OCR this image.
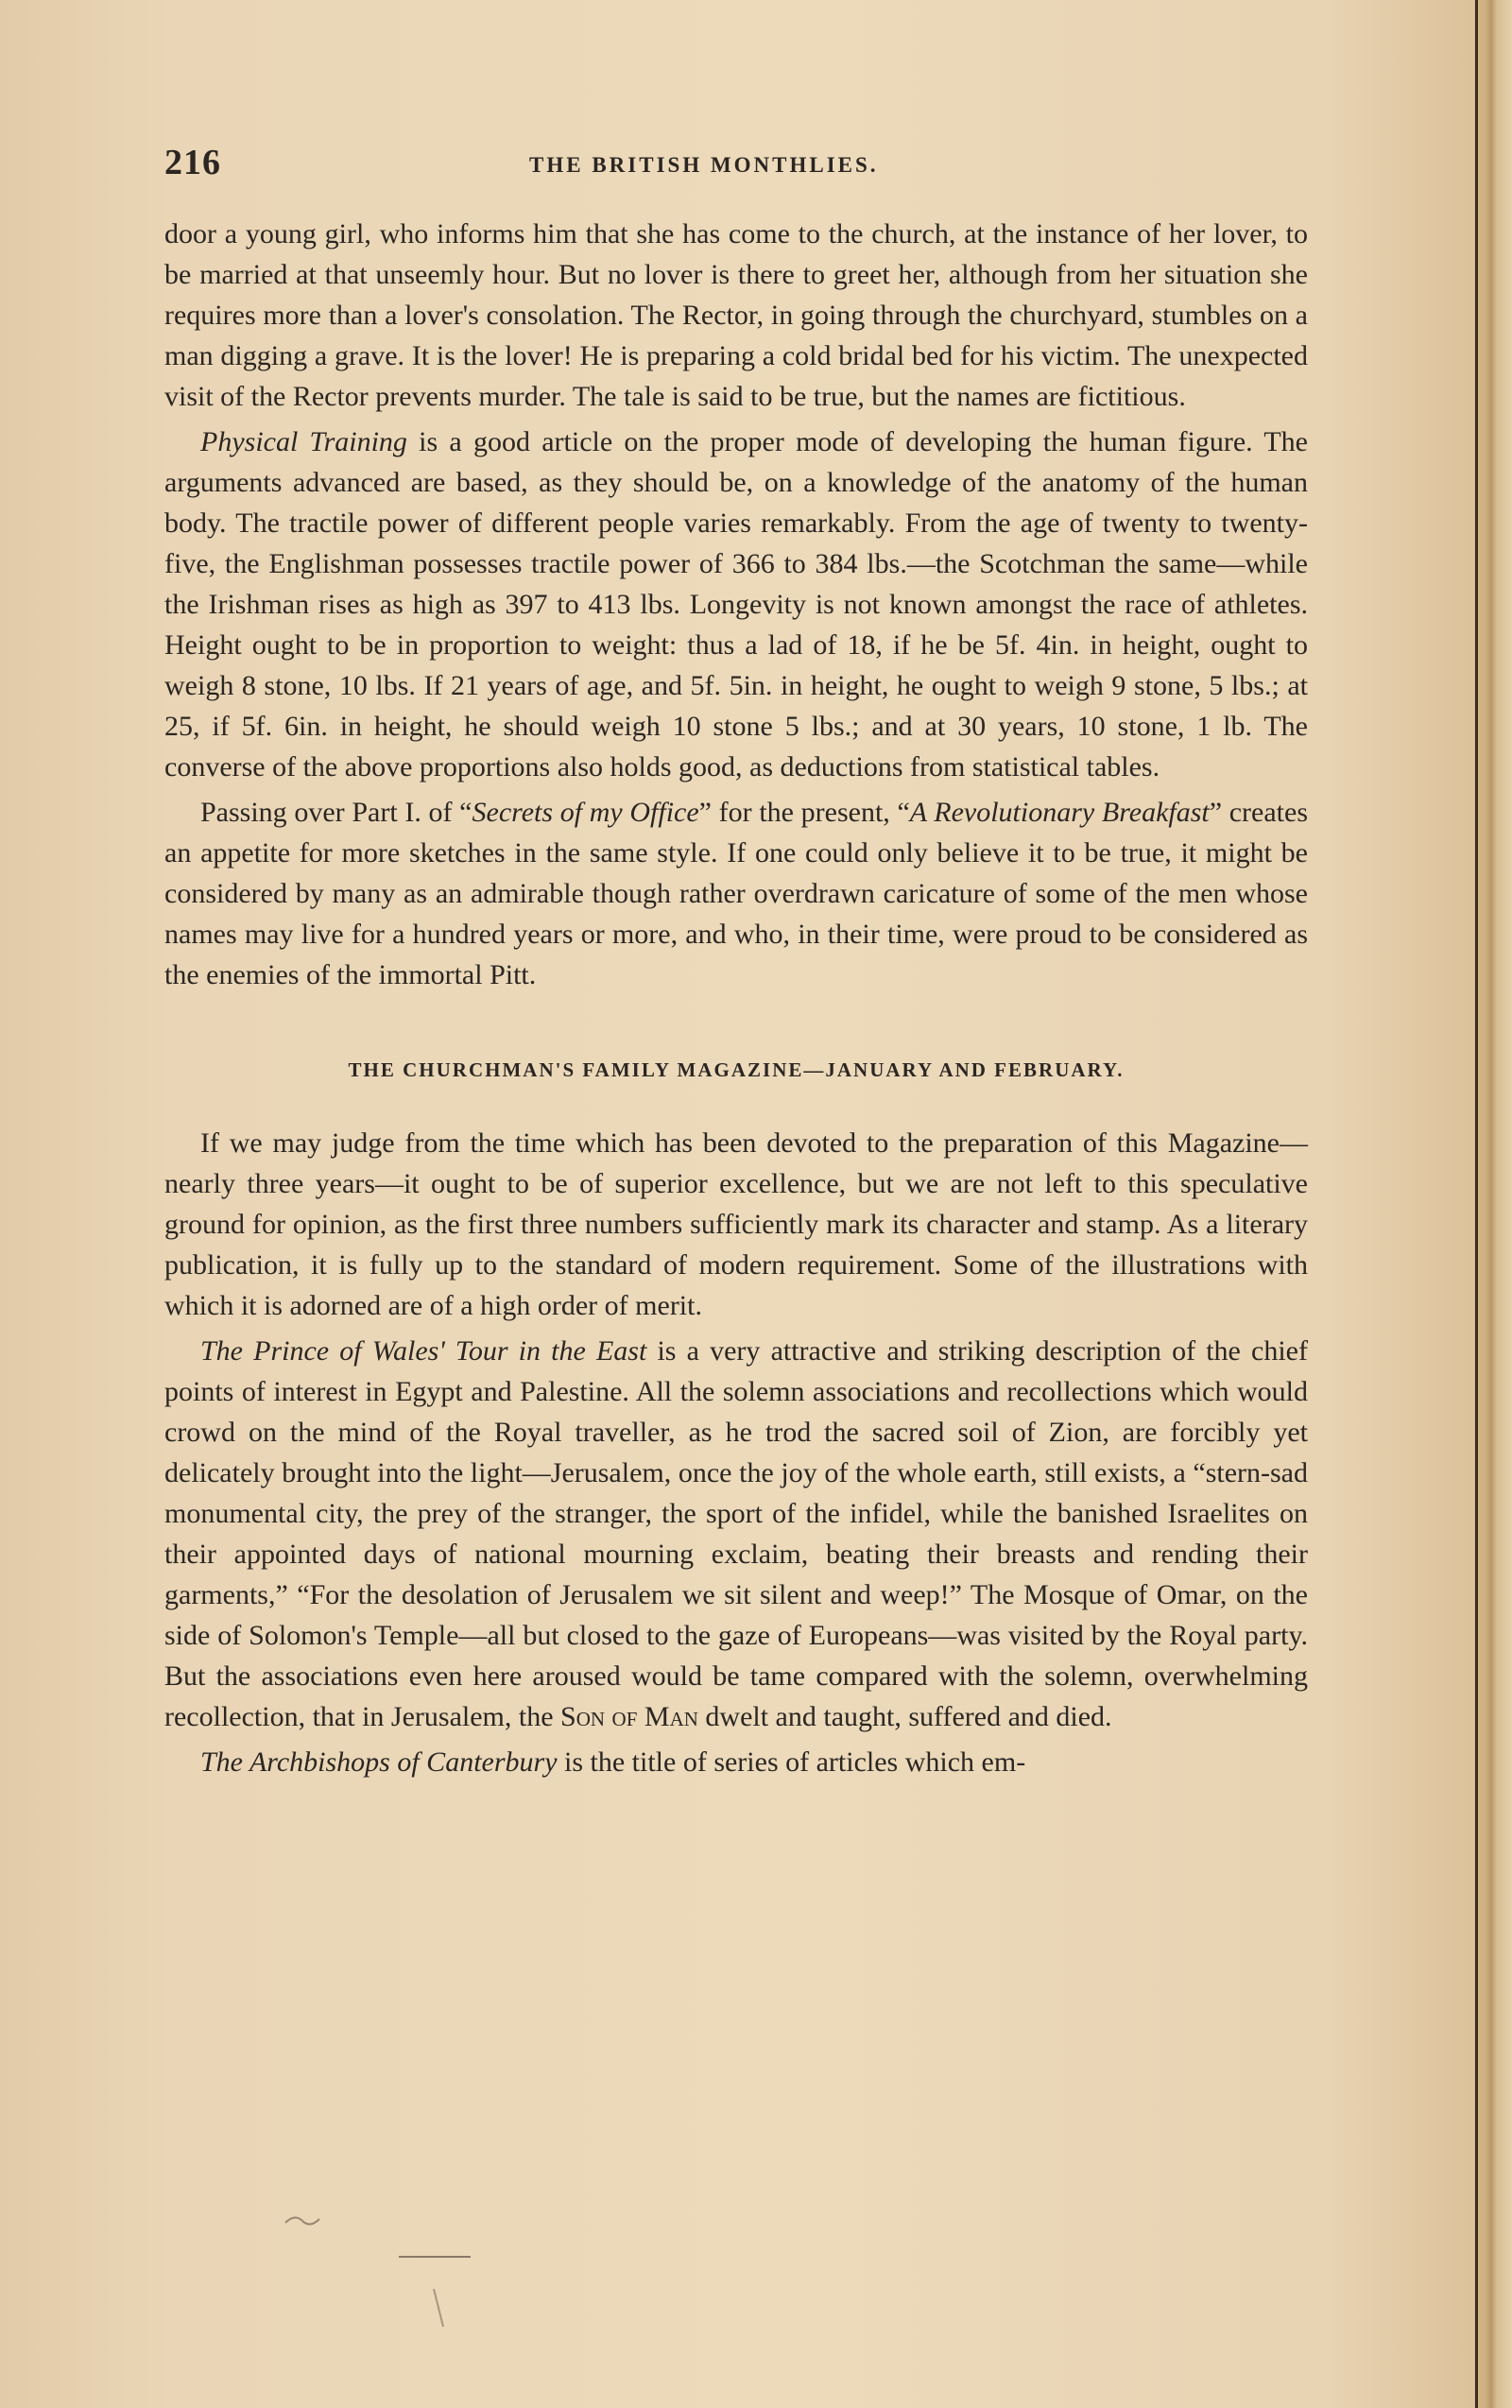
216	THE BRITISH MONTHLIES.

door a young girl, who informs him that she has come to the church, at the instance of her lover, to be married at that unseemly hour. But no lover is there to greet her, although from her situation she requires more than a lover's consolation. The Rector, in going through the churchyard, stumbles on a man digging a grave. It is the lover! He is preparing a cold bridal bed for his victim. The unexpected visit of the Rector prevents murder. The tale is said to be true, but the names are fictitious.

Physical Training is a good article on the proper mode of developing the human figure. The arguments advanced are based, as they should be, on a knowledge of the anatomy of the human body. The tractile power of different people varies remarkably. From the age of twenty to twenty-five, the Englishman possesses tractile power of 366 to 384 lbs.—the Scotchman the same—while the Irishman rises as high as 397 to 413 lbs. Longevity is not known amongst the race of athletes. Height ought to be in proportion to weight: thus a lad of 18, if he be 5f. 4in. in height, ought to weigh 8 stone, 10 lbs. If 21 years of age, and 5f. 5in. in height, he ought to weigh 9 stone, 5 lbs.; at 25, if 5f. 6in. in height, he should weigh 10 stone 5 lbs.; and at 30 years, 10 stone, 1 lb. The converse of the above proportions also holds good, as deductions from statistical tables.

Passing over Part I. of “Secrets of my Office” for the present, “A Revolutionary Breakfast” creates an appetite for more sketches in the same style. If one could only believe it to be true, it might be considered by many as an admirable though rather overdrawn caricature of some of the men whose names may live for a hundred years or more, and who, in their time, were proud to be considered as the enemies of the immortal Pitt.

THE CHURCHMAN'S FAMILY MAGAZINE—JANUARY AND FEBRUARY.

If we may judge from the time which has been devoted to the preparation of this Magazine—nearly three years—it ought to be of superior excellence, but we are not left to this speculative ground for opinion, as the first three numbers sufficiently mark its character and stamp. As a literary publication, it is fully up to the standard of modern requirement. Some of the illustrations with which it is adorned are of a high order of merit.

The Prince of Wales' Tour in the East is a very attractive and striking description of the chief points of interest in Egypt and Palestine. All the solemn associations and recollections which would crowd on the mind of the Royal traveller, as he trod the sacred soil of Zion, are forcibly yet delicately brought into the light—Jerusalem, once the joy of the whole earth, still exists, a “stern-sad monumental city, the prey of the stranger, the sport of the infidel, while the banished Israelites on their appointed days of national mourning exclaim, beating their breasts and rending their garments,” “For the desolation of Jerusalem we sit silent and weep!” The Mosque of Omar, on the side of Solomon's Temple—all but closed to the gaze of Europeans—was visited by the Royal party. But the associations even here aroused would be tame compared with the solemn, overwhelming recollection, that in Jerusalem, the Son of Man dwelt and taught, suffered and died.

The Archbishops of Canterbury is the title of series of articles which em-
